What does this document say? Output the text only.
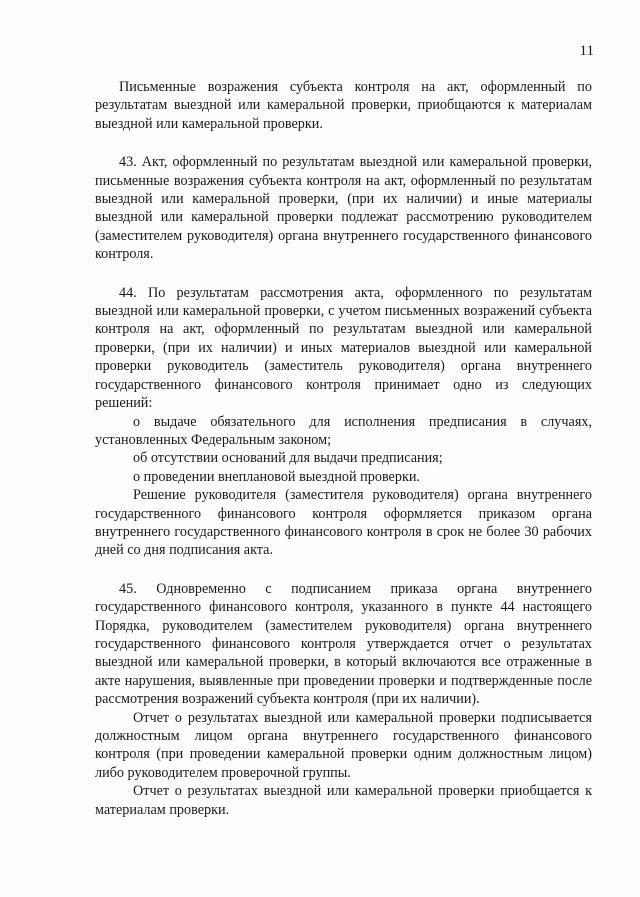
11

Письменные возражения субъекта контроля на акт, оформленный по результатам выездной или камеральной проверки, приобщаются к материалам выездной или камеральной проверки.

43. Акт, оформленный по результатам выездной или камеральной проверки, письменные возражения субъекта контроля на акт, оформленный по результатам выездной или камеральной проверки, (при их наличии) и иные материалы выездной или камеральной проверки подлежат рассмотрению руководителем (заместителем руководителя) органа внутреннего государственного финансового контроля.

44. По результатам рассмотрения акта, оформленного по результатам выездной или камеральной проверки, с учетом письменных возражений субъекта контроля на акт, оформленный по результатам выездной или камеральной проверки, (при их наличии) и иных материалов выездной или камеральной проверки руководитель (заместитель руководителя) органа внутреннего государственного финансового контроля принимает одно из следующих решений:

о выдаче обязательного для исполнения предписания в случаях, установленных Федеральным законом;

об отсутствии оснований для выдачи предписания;

о проведении внеплановой выездной проверки.

Решение руководителя (заместителя руководителя) органа внутреннего государственного финансового контроля оформляется приказом органа внутреннего государственного финансового контроля в срок не более 30 рабочих дней со дня подписания акта.

45. Одновременно с подписанием приказа органа внутреннего государственного финансового контроля, указанного в пункте 44 настоящего Порядка, руководителем (заместителем руководителя) органа внутреннего государственного финансового контроля утверждается отчет о результатах выездной или камеральной проверки, в который включаются все отраженные в акте нарушения, выявленные при проведении проверки и подтвержденные после рассмотрения возражений субъекта контроля (при их наличии).

Отчет о результатах выездной или камеральной проверки подписывается должностным лицом органа внутреннего государственного финансового контроля (при проведении камеральной проверки одним должностным лицом) либо руководителем проверочной группы.

Отчет о результатах выездной или камеральной проверки приобщается к материалам проверки.
